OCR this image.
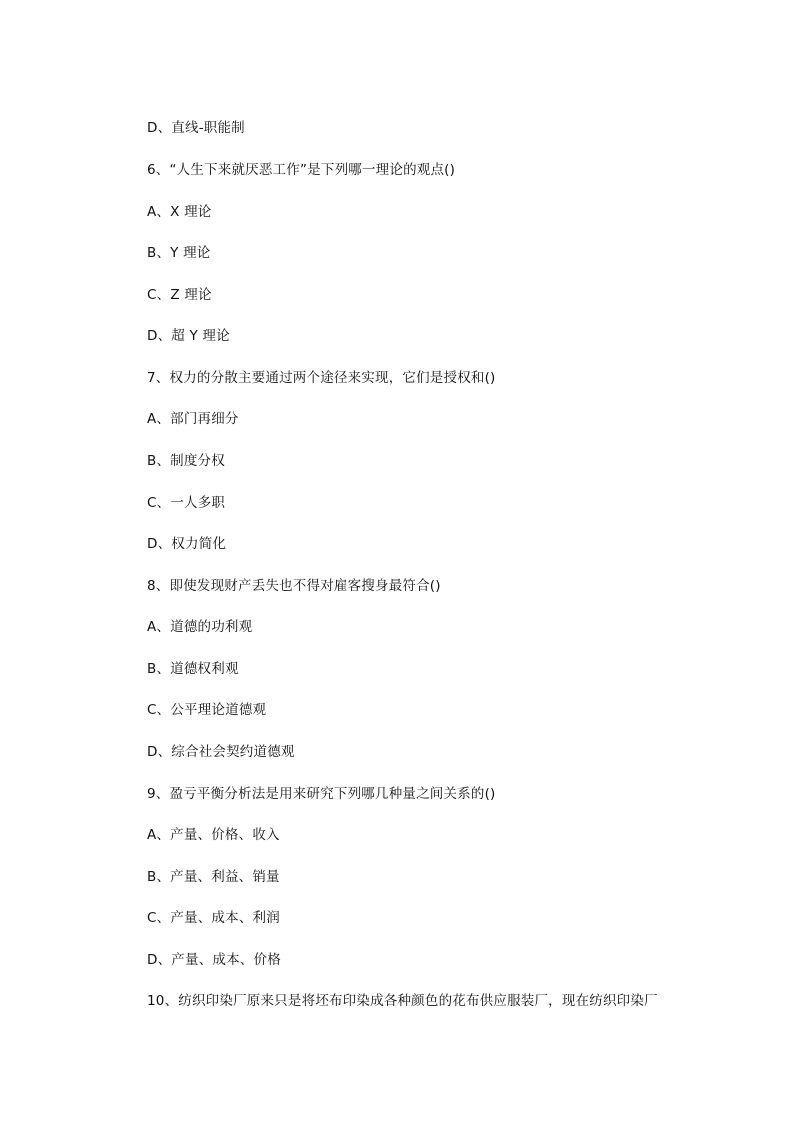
D、直线-职能制
6、“人生下来就厌恶工作”是下列哪一理论的观点()
A、X 理论
B、Y 理论
C、Z 理论
D、超 Y 理论
7、权力的分散主要通过两个途径来实现，它们是授权和()
A、部门再细分
B、制度分权
C、一人多职
D、权力简化
8、即使发现财产丢失也不得对雇客搜身最符合()
A、道德的功利观
B、道德权利观
C、公平理论道德观
D、综合社会契约道德观
9、盈亏平衡分析法是用来研究下列哪几种量之间关系的()
A、产量、价格、收入
B、产量、利益、销量
C、产量、成本、利润
D、产量、成本、价格
10、纺织印染厂原来只是将坯布印染成各种颜色的花布供应服装厂，现在纺织印染厂
